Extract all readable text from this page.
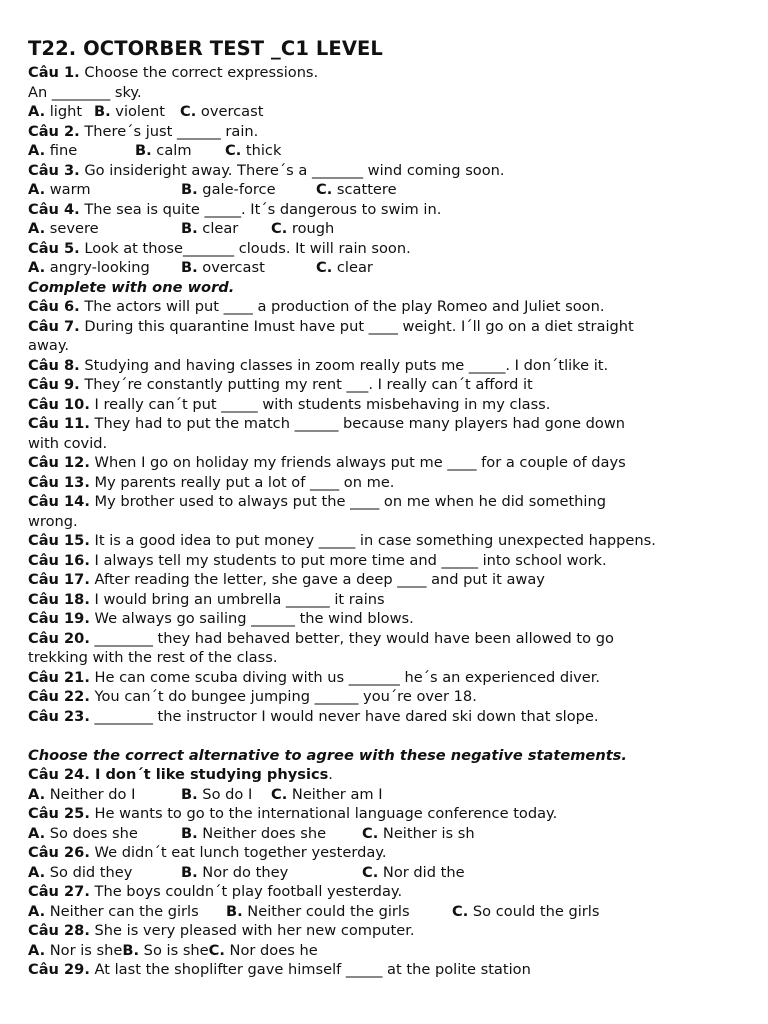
T22. OCTORBER TEST _C1 LEVEL
Câu 1. Choose the correct expressions.
An ________ sky.
A. light B. violent C. overcast
Câu 2. There´s just ______ rain.
A. fine	B. calm C. thick
Câu 3. Go insideright away. There´s a _______ wind coming soon.
A. warm	B. gale-force	C. scattere
Câu 4. The sea is quite _____. It´s dangerous to swim in.
A. severe	B. clear C. rough
Câu 5. Look at those_______ clouds. It will rain soon.
A. angry-looking B. overcast	C. clear
Complete with one word.
Câu 6. The actors will put ____ a production of the play Romeo and Juliet soon.
Câu 7. During this quarantine Imust have put ____ weight. I´ll go on a diet straight
away.
Câu 8. Studying and having classes in zoom really puts me _____. I don´tlike it.
Câu 9. They´re constantly putting my rent ___. I really can´t afford it
Câu 10. I really can´t put _____ with students misbehaving in my class.
Câu 11. They had to put the match ______ because many players had gone down
with covid.
Câu 12. When I go on holiday my friends always put me ____ for a couple of days
Câu 13. My parents really put a lot of ____ on me.
Câu 14. My brother used to always put the ____ on me when he did something
wrong.
Câu 15. It is a good idea to put money _____ in case something unexpected happens.
Câu 16. I always tell my students to put more time and _____ into school work.
Câu 17. After reading the letter, she gave a deep ____ and put it away
Câu 18. I would bring an umbrella ______ it rains
Câu 19. We always go sailing ______ the wind blows.
Câu 20. ________ they had behaved better, they would have been allowed to go
trekking with the rest of the class.
Câu 21. He can come scuba diving with us _______ he´s an experienced diver.
Câu 22. You can´t do bungee jumping ______ you´re over 18.
Câu 23. ________ the instructor I would never have dared ski down that slope.
Choose the correct alternative to agree with these negative statements.
Câu 24. I don´t like studying physics.
A. Neither do I	B. So do I C. Neither am I
Câu 25. He wants to go to the international language conference today.
A. So does she	B. Neither does she C. Neither is sh
Câu 26. We didn´t eat lunch together yesterday.
A. So did they	B. Nor do they	C. Nor did the
Câu 27. The boys couldn´t play football yesterday.
A. Neither can the girls B. Neither could the girls	C. So could the girls
Câu 28. She is very pleased with her new computer.
A. Nor is sheB. So is sheC. Nor does he
Câu 29. At last the shoplifter gave himself _____ at the polite station
